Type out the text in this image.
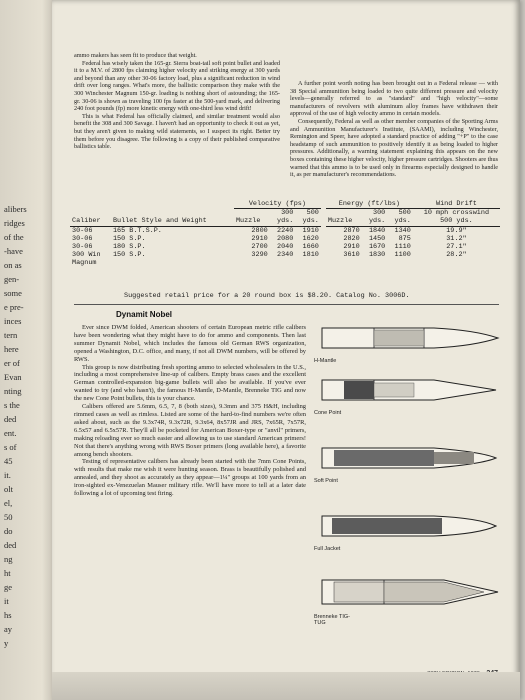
alibers
ridges
of the
-have
on as
gen-
some
e pre-
inces
tern
here
er of
Evan
nting
s the
ded
ent.
s of
45
it.
olt
el,
50
do
ded
ng
ht
ge
it
hs
ay
y

ammo makers has seen fit to produce that weight.

Federal has wisely taken the 165-gr. Sierra boat-tail soft point bullet and loaded it to a M.V. of 2800 fps claiming higher velocity and striking energy at 300 yards and beyond than any other 30-06 factory load, plus a significant reduction in wind drift over long ranges. What's more, the ballistic comparison they make with the 300 Winchester Magnum 150-gr. loading is nothing short of astounding; the 165-gr. 30-06 is shown as traveling 100 fps faster at the 500-yard mark, and delivering 240 foot pounds (fp) more kinetic energy with one-third less wind drift!

This is what Federal has officially claimed, and similar treatment would also benefit the 308 and 300 Savage. I haven't had an opportunity to check it out as yet, but they aren't given to making wild statements, so I suspect its right. Better try them before you disagree. The following is a copy of their published comparative ballistics table.

A further point worth noting has been brought out in a Federal release — with 38 Special ammunition being loaded to two quite different pressure and velocity levels—generally referred to as "standard" and "high velocity"—some manufacturers of revolvers with aluminum alloy frames have withdrawn their approval of the use of high velocity ammo in certain models.

Consequently, Federal as well as other member companies of the Sporting Arms and Ammunition Manufacturer's Institute, (SAAMI), including Winchester, Remington and Speer, have adopted a standard practice of adding "+P" to the case headstamp of such ammunition to positively identify it as being loaded to higher pressures. Additionally, a warning statement explaining this appears on the new boxes containing these higher velocity, higher pressure cartridges. Shooters are thus warned that this ammo is to be used only in firearms especially designed to handle it, as per manufacturer's recommendations.

		Velocity (fps)				Energy (ft/lbs)			Wind Drift
			300	500			300	500	10 mph crosswind
Caliber	Bullet Style and Weight	Muzzle	yds.	yds.		Muzzle	yds.	yds.	500 yds.
30-06	165 B.T.S.P.	2800	2240	1910		2870	1840	1340	19.9"
30-06	150 S.P.	2910	2080	1620		2820	1450	875	31.2"
30-06	180 S.P.	2700	2040	1660		2910	1670	1110	27.1"
300 Win	150 S.P.	3290	2340	1810		3610	1830	1100	28.2"
Magnum									
Suggested retail price for a 20 round box is $8.20. Catalog No. 3006D.
Dynamit Nobel

Ever since DWM folded, American shooters of certain European metric rifle calibers have been wondering what they might have to do for ammo and components. Then last summer Dynamit Nobel, which includes the famous old German RWS organization, opened a Washington, D.C. office, and many, if not all DWM numbers, will be offered by RWS.

This group is now distributing fresh sporting ammo to selected wholesalers in the U.S., including a most comprehensive line-up of calibers. Empty brass cases and the excellent German controlled-expansion big-game bullets will also be available. If you've ever wanted to try (and who hasn't), the famous H-Mantle, D-Mantle, Brenneke TIG and now the new Cone Point bullets, this is your chance.

Calibers offered are 5.6mm, 6.5, 7, 8 (both sizes), 9.3mm and 375 H&H, including rimmed cases as well as rimless. Listed are some of the hard-to-find numbers we're often asked about, such as the 9.3x74R, 9.3x72R, 9.3x64, 8x57JR and JRS, 7x65R, 7x57R, 6.5x57 and 6.5x57R. They'll all be pocketed for American Boxer-type or "anvil" primers, making reloading ever so much easier and allowing us to use standard American primers! Not that there's anything wrong with RWS Boxer primers (long available here), a favorite among bench shooters.

Testing of representative calibers has already been started with the 7mm Cone Points, with results that make me wish it were hunting season. Brass is beautifully polished and annealed, and they shoot as accurately as they appear—1¼" groups at 100 yards from an iron-sighted ex-Venezuelan Mauser military rifle. We'll have more to tell at a later date following a lot of upcoming test firing.

H-Mantle
Cone Point
Soft Point
Full Jacket
Brenneke TIG-TUG
